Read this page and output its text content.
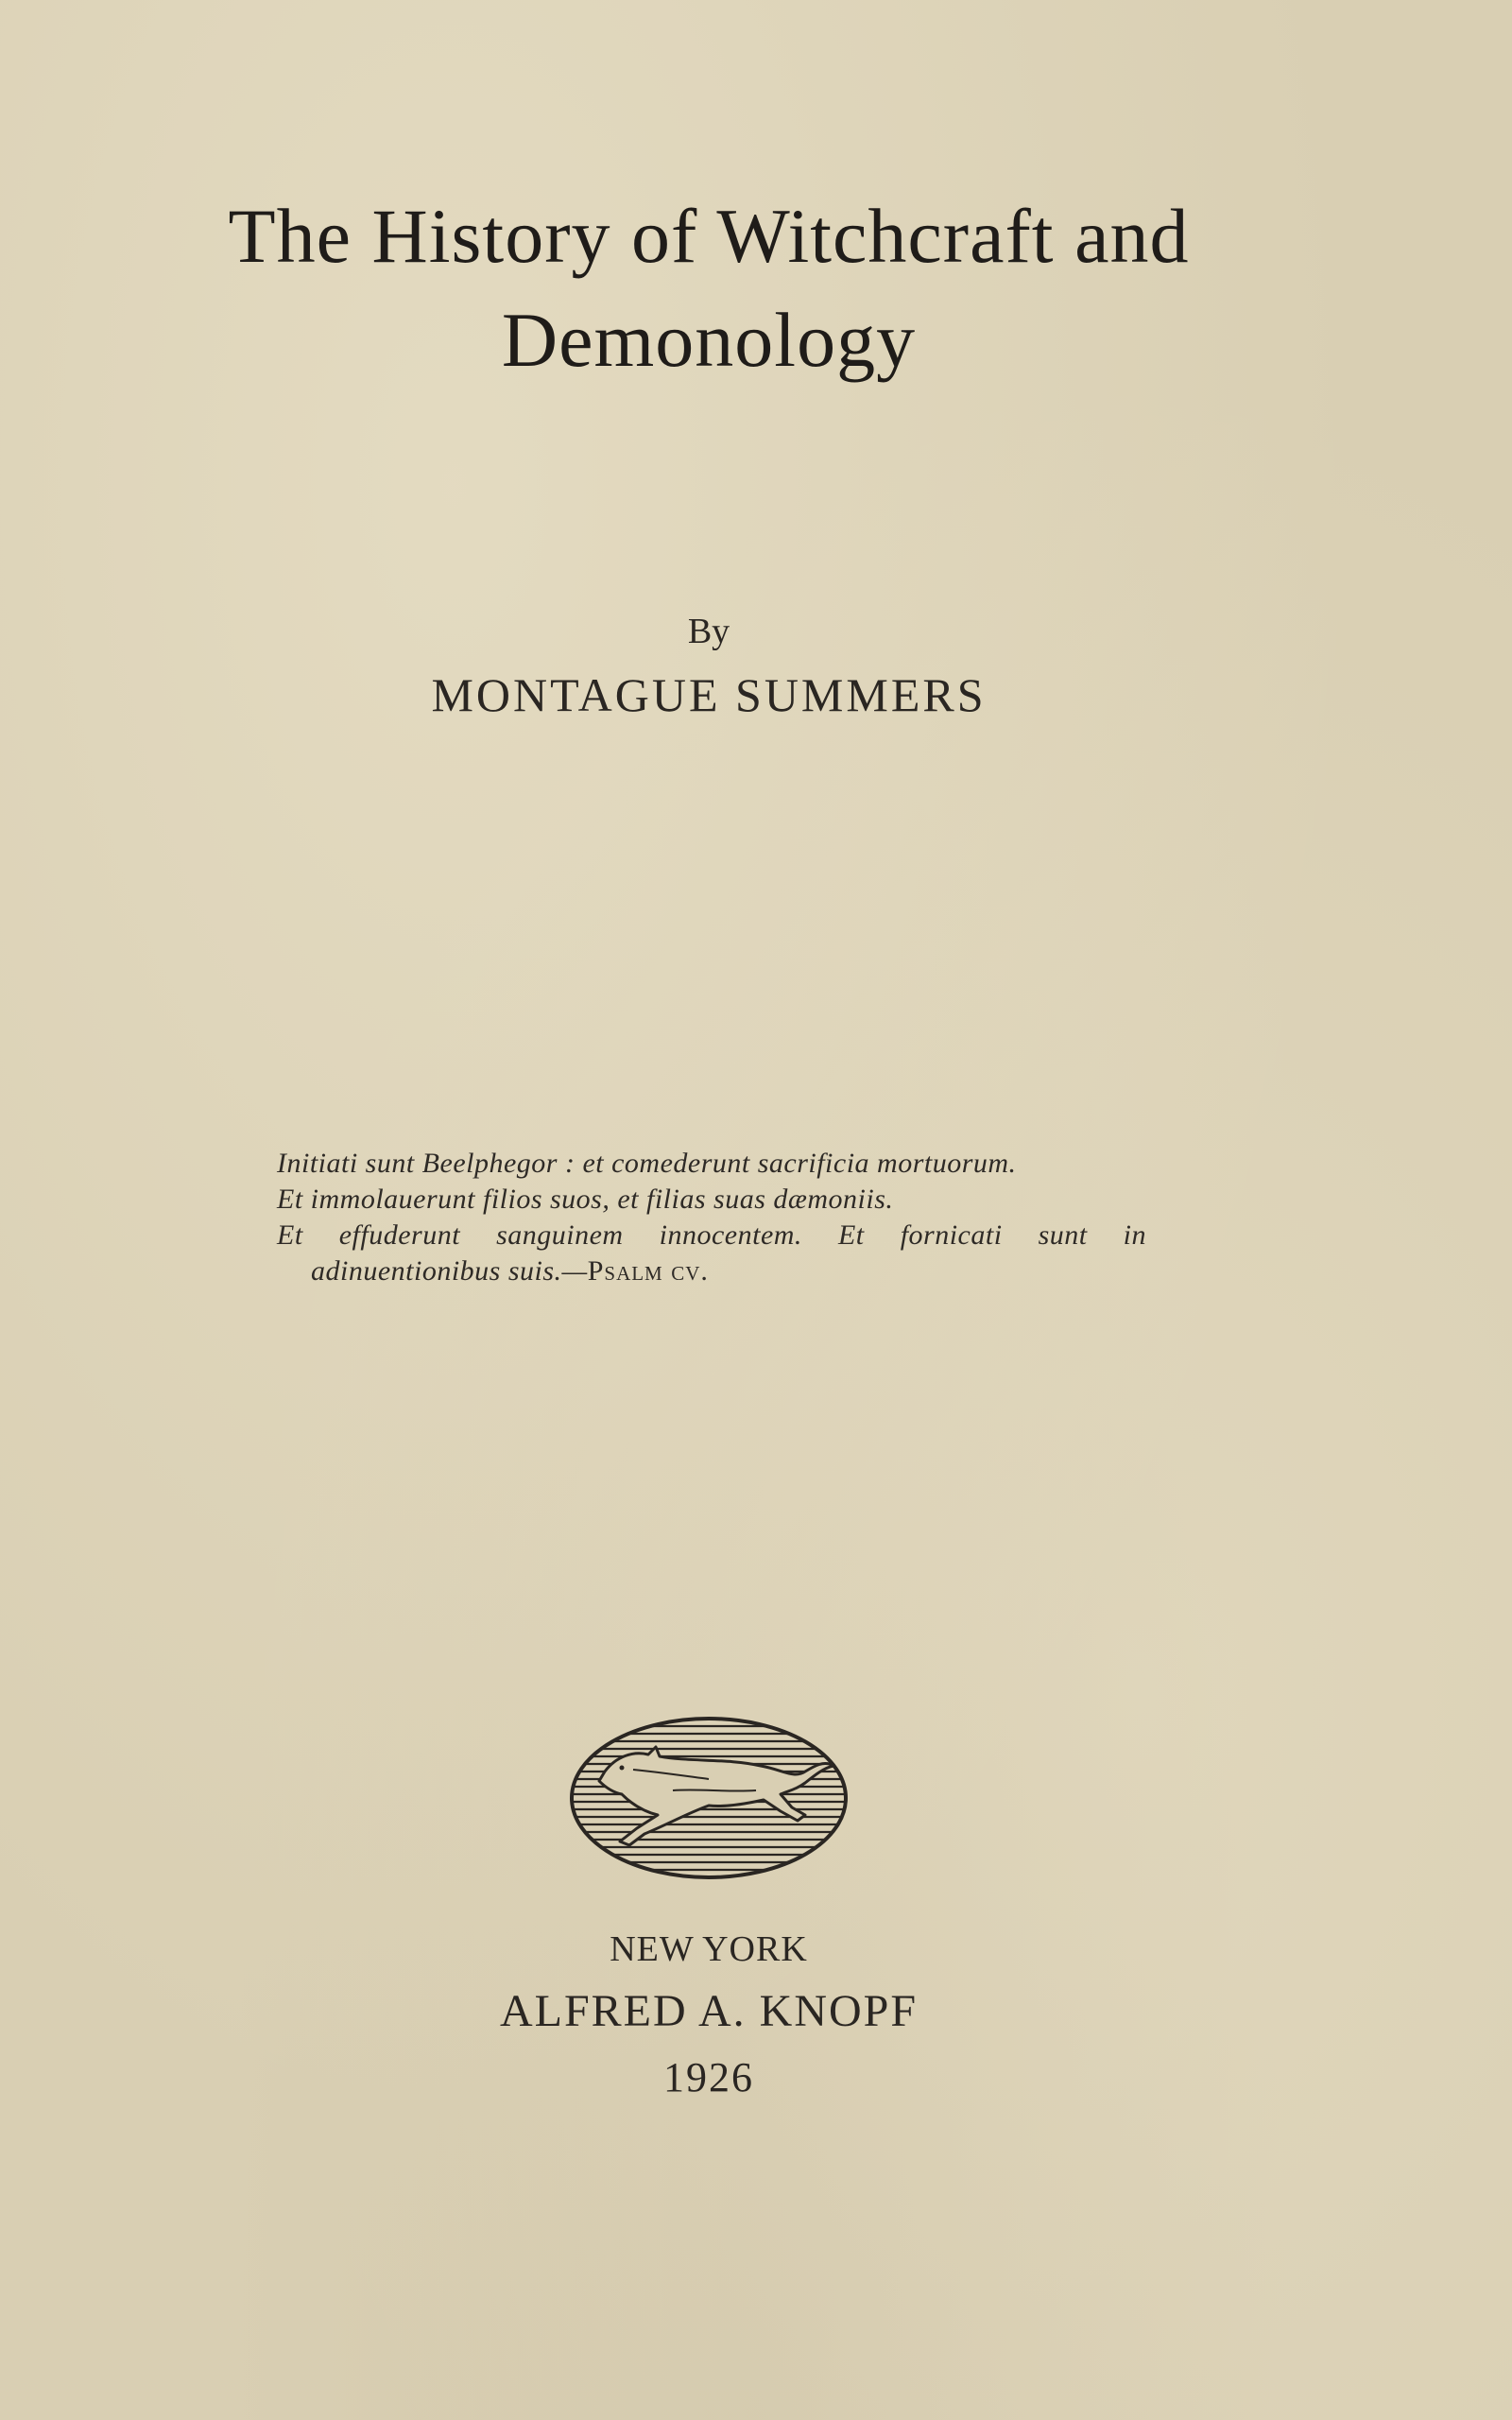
The History of Witchcraft and
Demonology
By
MONTAGUE SUMMERS
Initiati sunt Beelphegor : et comederunt sacrificia mortuorum.
Et immolauerunt filios suos, et filias suas dæmoniis.
Et effuderunt sanguinem innocentem. Et fornicati sunt in
adinuentionibus suis.—Psalm cv.
NEW YORK
ALFRED A. KNOPF
1926
